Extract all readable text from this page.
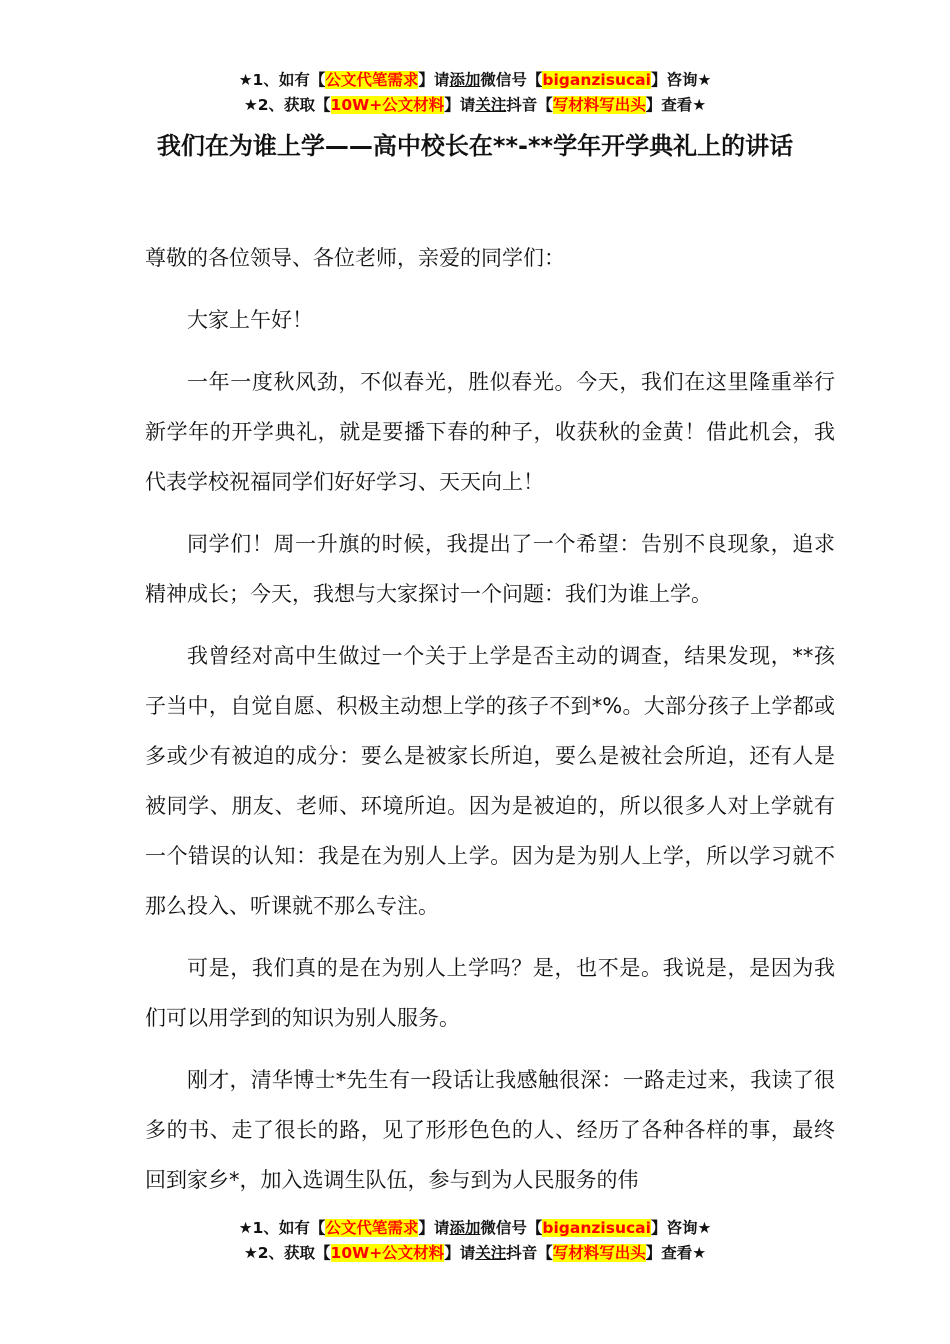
★1、如有【公文代笔需求】请添加微信号【biganzisucai】咨询★
★2、获取【10W+公文材料】请关注抖音【写材料写出头】查看★
我们在为谁上学——高中校长在**-**学年开学典礼上的讲话

尊敬的各位领导、各位老师，亲爱的同学们：

大家上午好！

一年一度秋风劲，不似春光，胜似春光。今天，我们在这里隆重举行新学年的开学典礼，就是要播下春的种子，收获秋的金黄！借此机会，我代表学校祝福同学们好好学习、天天向上！

同学们！周一升旗的时候，我提出了一个希望：告别不良现象，追求精神成长；今天，我想与大家探讨一个问题：我们为谁上学。

我曾经对高中生做过一个关于上学是否主动的调查，结果发现，**孩子当中，自觉自愿、积极主动想上学的孩子不到*%。大部分孩子上学都或多或少有被迫的成分：要么是被家长所迫，要么是被社会所迫，还有人是被同学、朋友、老师、环境所迫。因为是被迫的，所以很多人对上学就有一个错误的认知：我是在为别人上学。因为是为别人上学，所以学习就不那么投入、听课就不那么专注。

可是，我们真的是在为别人上学吗？是，也不是。我说是，是因为我们可以用学到的知识为别人服务。

刚才，清华博士*先生有一段话让我感触很深：一路走过来，我读了很多的书、走了很长的路，见了形形色色的人、经历了各种各样的事，最终回到家乡*，加入选调生队伍，参与到为人民服务的伟

★1、如有【公文代笔需求】请添加微信号【biganzisucai】咨询★
★2、获取【10W+公文材料】请关注抖音【写材料写出头】查看★
